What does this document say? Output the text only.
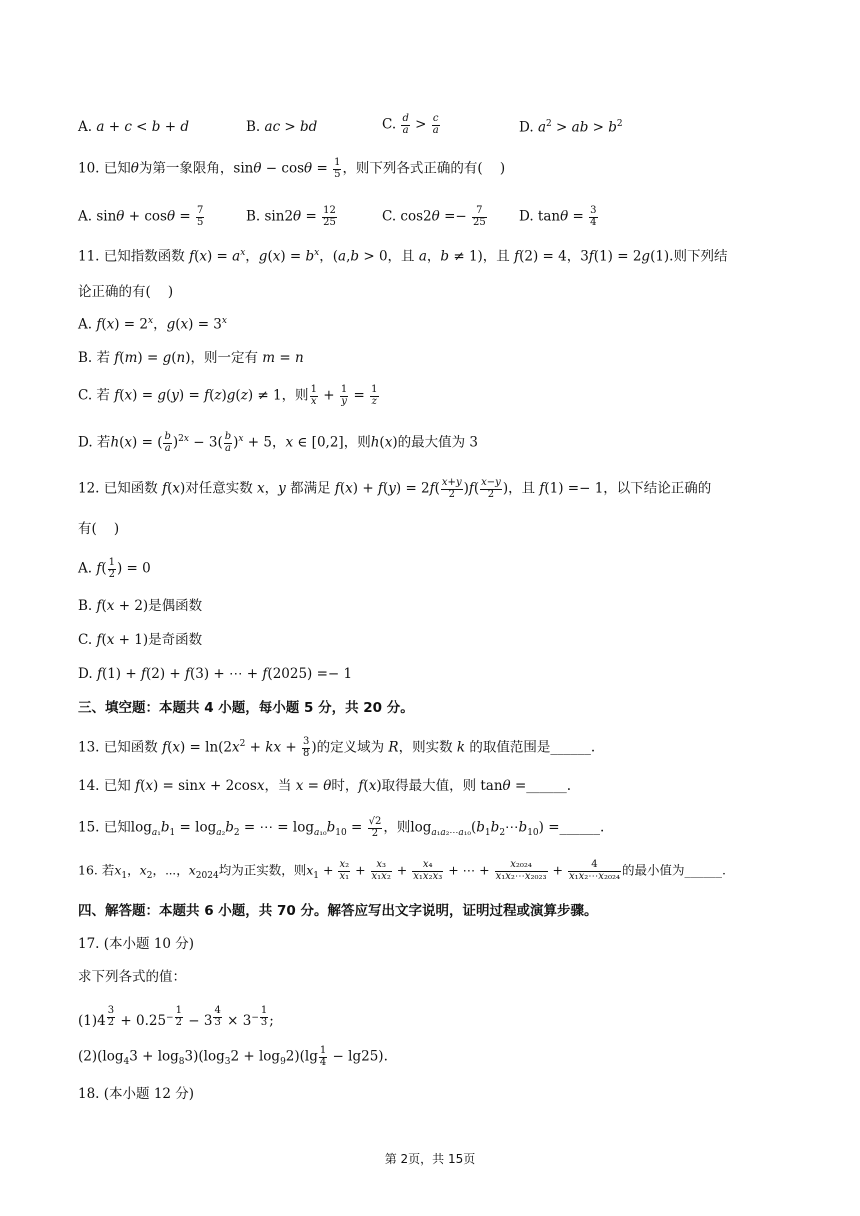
A. a + c < b + d	B. ac > bd	C. $\frac{d}{a} > \frac{c}{a}$	D. $a^2$ > ab > $b^2$
10. 已知θ为第一象限角，$\sin\theta - \cos\theta = \frac{1}{5}$ ，则下列各式正确的有(    )
A. $\sin\theta + \cos\theta = \frac{7}{5}$	B. $\sin 2\theta = \frac{12}{25}$	C. $\cos 2\theta =- \frac{7}{25} D$. $\tan\theta = \frac{3}{4}$
11. 已知指数函数 $f(x) = a^x$，$g(x) = b^x$，(a,b > 0，且 a，b ≠ 1)，且 f(2) = 4，3f(1) = 2g(1).则下列结
论正确的有(    )
A. $f(x) = 2^x$，$g(x) = 3^x$
B. 若 f(m) = g(n)，则一定有 m = n
C. 若 f(x) = g(y) = f(z)g(z) ≠ 1，则 $\frac{1}{x} + \frac{1}{y} = \frac{1}{z}$
D. 若h(x) = ( $\frac{b}{a} )^{2x} - 3( \frac{b}{a} )^x + 5$，x ∈ [0,2]，则h(x)的最大值为 3
12. 已知函数 f(x)对任意实数 x，y 都满足 $f(x) + f(y) = 2f( \frac{x+y}{2} )f( \frac{x-y}{2}$ )，且 f(1) =− 1，以下结论正确的
有(    )
A. $f( \frac{1}{2}$ ) = 0
B. f(x + 2)是偶函数
C. f(x + 1)是奇函数
D. f(1) + f(2) + f(3) + ⋯ + f(2025) =− 1
三、填空题：本题共 4 小题，每小题 5 分，共 20 分。
13. 已知函数 $f(x) = \ln(2x^2$ + kx + $\frac{3}{8}$ )的定义域为 R，则实数 k 的取值范围是______.
14. 已知 f(x) = sinx + 2cosx，当 x = θ时，f(x)取得最大值，则 tanθ =______.
15. 已知$\log_{a_1}b_1 = \log_{a_2}b_2$ = ⋯ = $\log_{a_{10}}b_{10} = \frac{√2}{2}$ ，则$\log_{a_1a_2\cdots a_{10}}(b_1b_2\cdots b_{10})$ =______.
16. 若$x_1$，$x_2$，⋯，$x_{2024}$均为正实数，则$x_1 + \frac{\text{x₂}}{\text{x₁}} + \frac{\text{x₃}}{\text{x₁x₂}} + \frac{\text{x₄}}{\text{x₁x₂x₃}}$ + ⋯ + $\frac{\text{x₂₀₂₄}}{\text{x₁x₂⋯x₂₀₂₃}} + \frac{4}{\text{x₁x₂⋯x₂₀₂₄}}$ 的最小值为______.
四、解答题：本题共 6 小题，共 70 分。解答应写出文字说明，证明过程或演算步骤。
17. (本小题 10 分)
求下列各式的值：
(1)4 $^{\frac{3}{2}} + 0.25^{- \frac{1}{2}} - 3$ $^{\frac{4}{3}} \times 3^{- \frac{1}{3}}$ ;
$(2)(\log_43 + \log_83)(\log_32 + \log_92)(\lg \frac{1}{4} - \lg 25)$.
18. (本小题 12 分)
第 2页，共 15页
